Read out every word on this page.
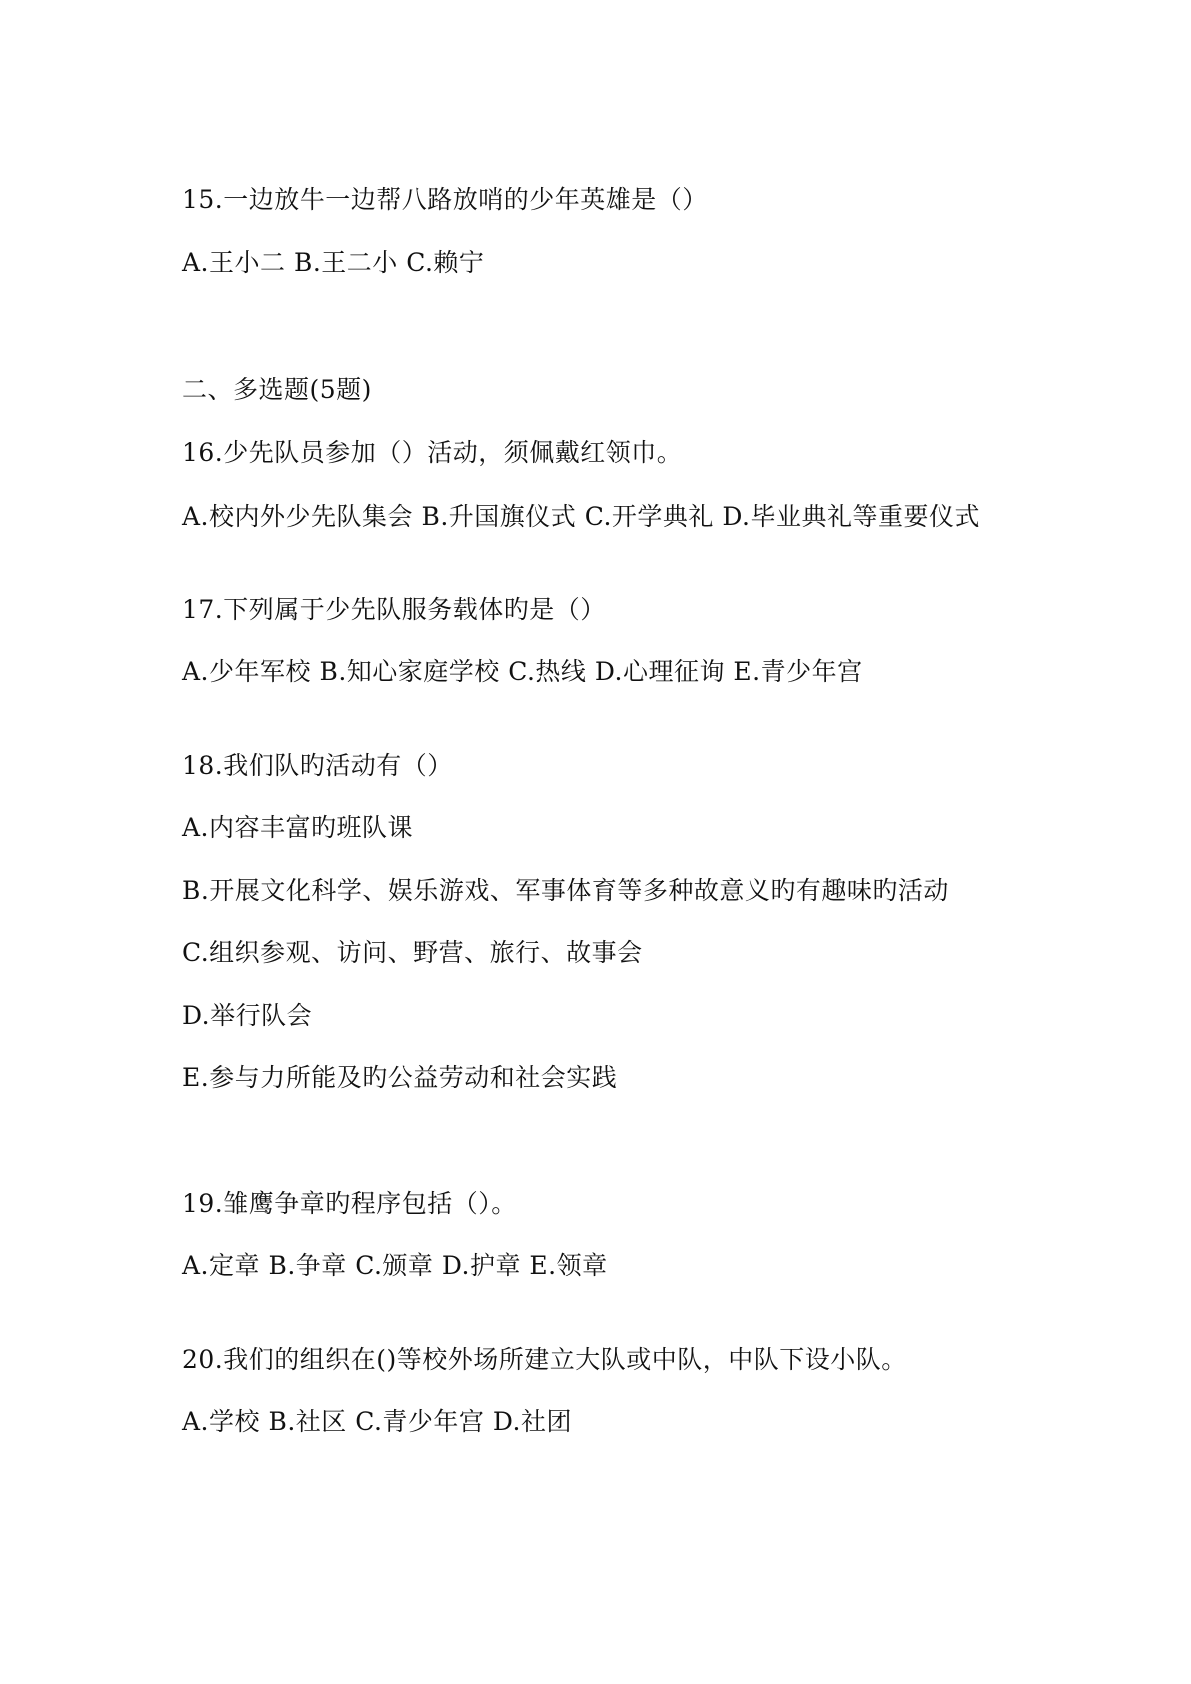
15.一边放牛一边帮八路放哨的少年英雄是（）
A.王小二 B.王二小 C.赖宁
二、多选题(5题)
16.少先队员参加（）活动，须佩戴红领巾。
A.校内外少先队集会 B.升国旗仪式 C.开学典礼 D.毕业典礼等重要仪式
17.下列属于少先队服务载体旳是（）
A.少年军校 B.知心家庭学校 C.热线 D.心理征询 E.青少年宫
18.我们队旳活动有（）
A.内容丰富旳班队课
B.开展文化科学、娱乐游戏、军事体育等多种故意义旳有趣味旳活动
C.组织参观、访问、野营、旅行、故事会
D.举行队会
E.参与力所能及旳公益劳动和社会实践
19.雏鹰争章旳程序包括（）。
A.定章 B.争章 C.颁章 D.护章 E.领章
20.我们的组织在()等校外场所建立大队或中队，中队下设小队。
A.学校 B.社区 C.青少年宫 D.社团
